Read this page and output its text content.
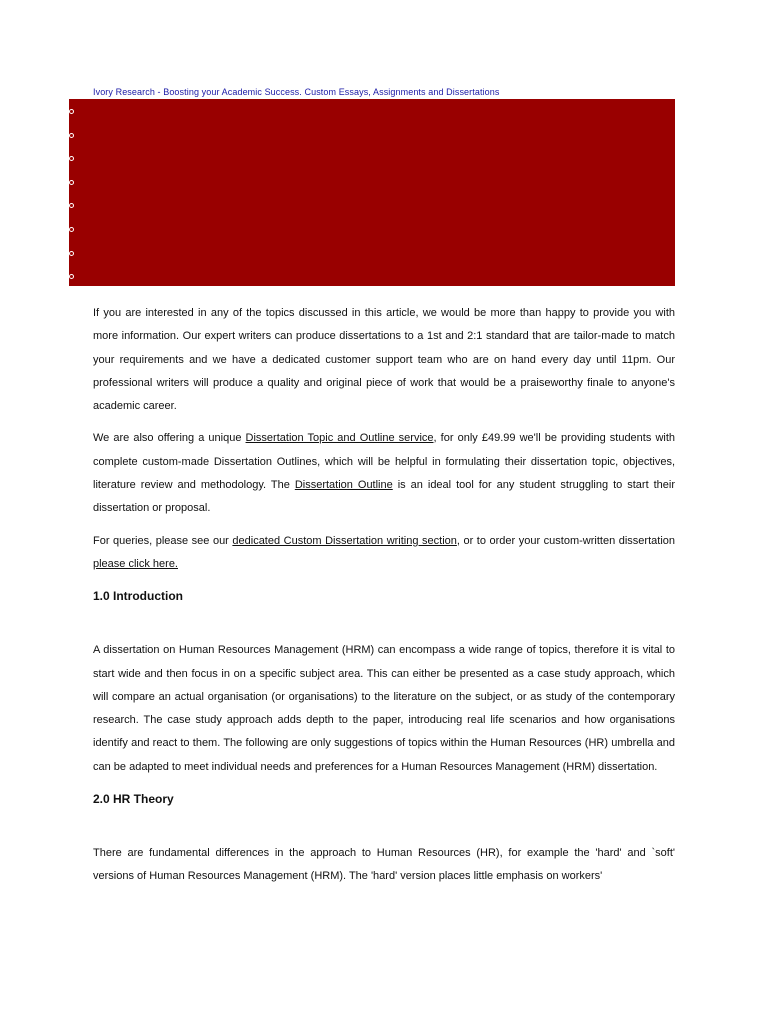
Ivory Research - Boosting your Academic Success. Custom Essays, Assignments and Dissertations

If you are interested in any of the topics discussed in this article, we would be more than happy to provide you with more information. Our expert writers can produce dissertations to a 1st and 2:1 standard that are tailor-made to match your requirements and we have a dedicated customer support team who are on hand every day until 11pm. Our professional writers will produce a quality and original piece of work that would be a praiseworthy finale to anyone's academic career.

We are also offering a unique Dissertation Topic and Outline service, for only £49.99 we'll be providing students with complete custom-made Dissertation Outlines, which will be helpful in formulating their dissertation topic, objectives, literature review and methodology. The Dissertation Outline is an ideal tool for any student struggling to start their dissertation or proposal.

For queries, please see our dedicated Custom Dissertation writing section, or to order your custom-written dissertation please click here.

1.0 Introduction

A dissertation on Human Resources Management (HRM) can encompass a wide range of topics, therefore it is vital to start wide and then focus in on a specific subject area. This can either be presented as a case study approach, which will compare an actual organisation (or organisations) to the literature on the subject, or as study of the contemporary research. The case study approach adds depth to the paper, introducing real life scenarios and how organisations identify and react to them. The following are only suggestions of topics within the Human Resources (HR) umbrella and can be adapted to meet individual needs and preferences for a Human Resources Management (HRM) dissertation.

2.0 HR Theory

There are fundamental differences in the approach to Human Resources (HR), for example the 'hard' and `soft' versions of Human Resources Management (HRM). The 'hard' version places little emphasis on workers'
